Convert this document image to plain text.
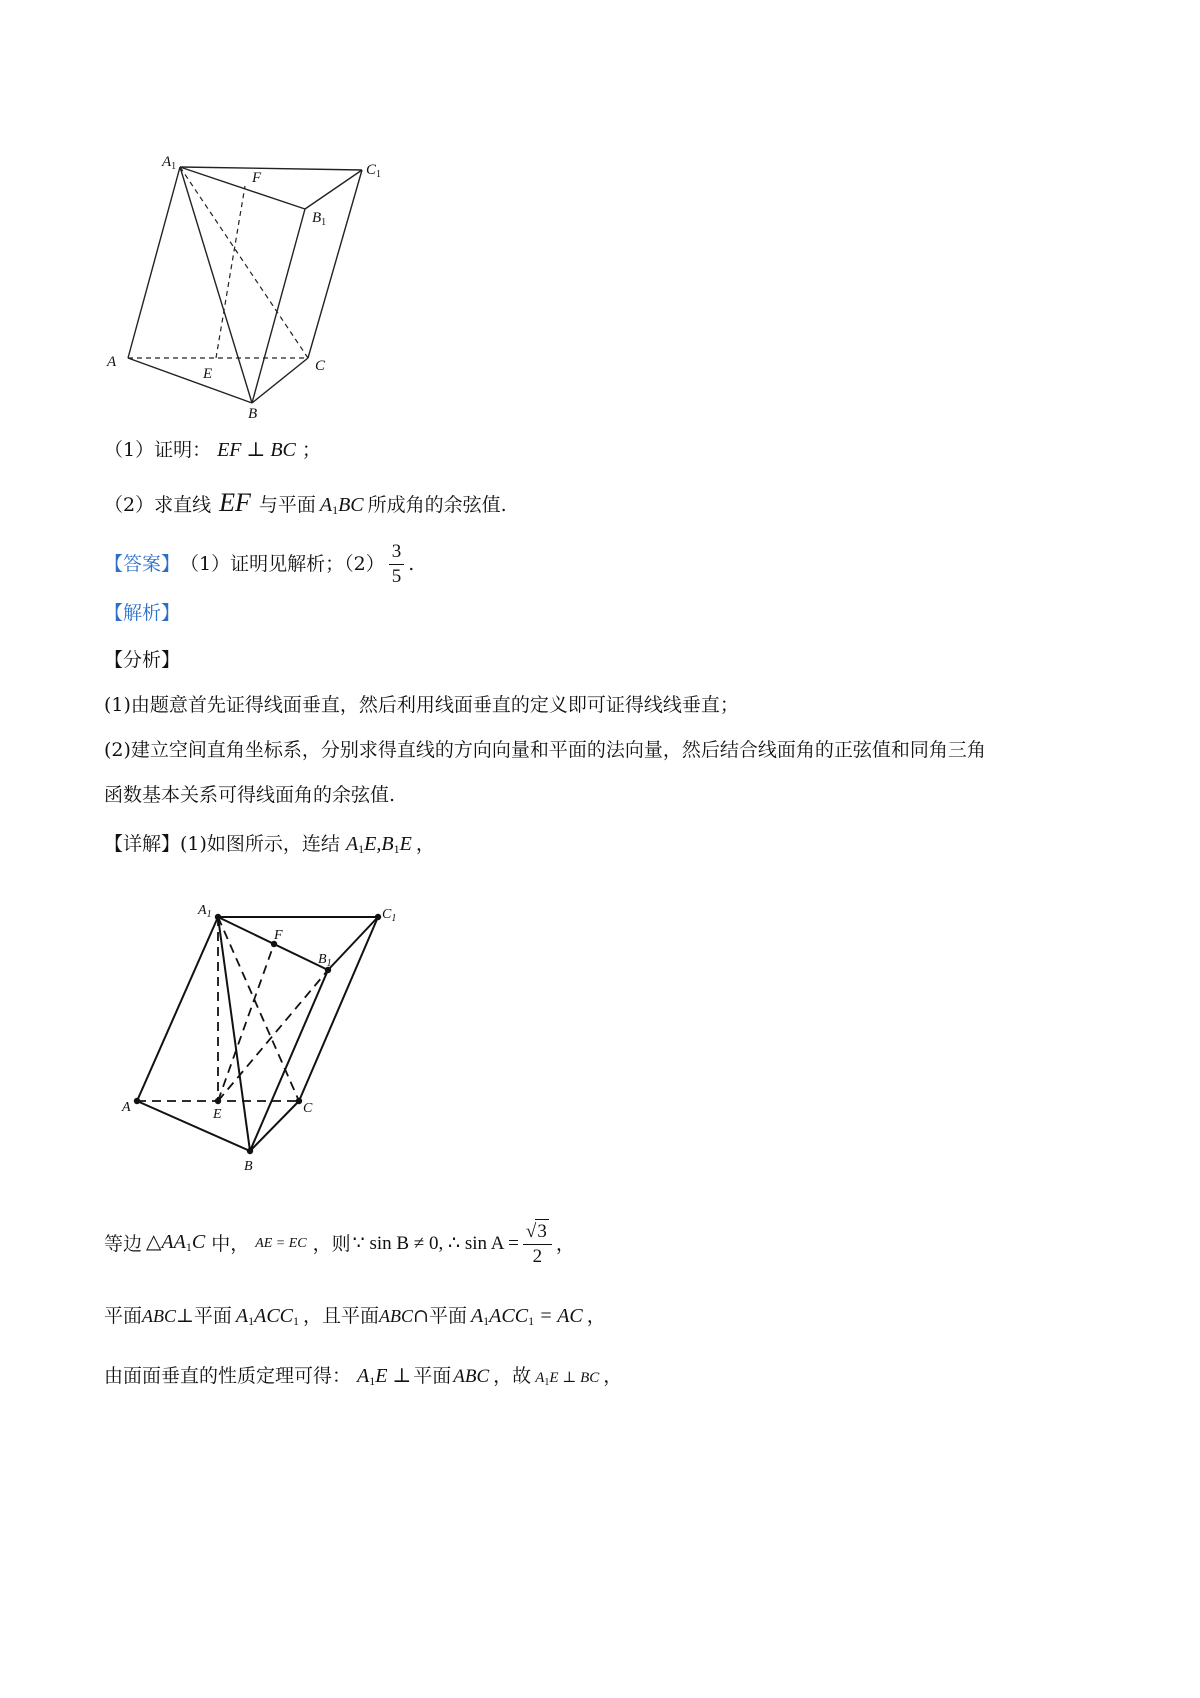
$A_1$	$C_1$
F
$B_1$
A
E	C
B
（1）证明： EF ⊥ BC ；
（2）求直线 EF 与平面 $A_1BC$ 所成角的余弦值.
【答案】 （1）证明见解析；$(2) \frac{3}{5}$ .
【解析】
【分析】
(1)由题意首先证得线面垂直，然后利用线面垂直的定义即可证得线线垂直；
(2)建立空间直角坐标系，分别求得直线的方向向量和平面的法向量，然后结合线面角的正弦值和同角三角
函数基本关系可得线面角的余弦值.
【详解】(1)如图所示，连结 $A_1E,B_1E$ ，
$A_1$	$C_1$
F
$B_1$
A	E	C
B
等边 $\triangle AA_1C$ 中， AE = EC ，则 ∵ sin B ≠ 0, ∴ $\sin A = \frac{√3}{2}$ ，
平面ABC⊥平面 $A_1ACC_1$ ，且平面ABC∩平面 $A_1ACC_1$ = AC ，
由面面垂直的性质定理可得： $A_1E$ ⊥ 平面 ABC ，故 $A_1E$ ⊥ BC ，
